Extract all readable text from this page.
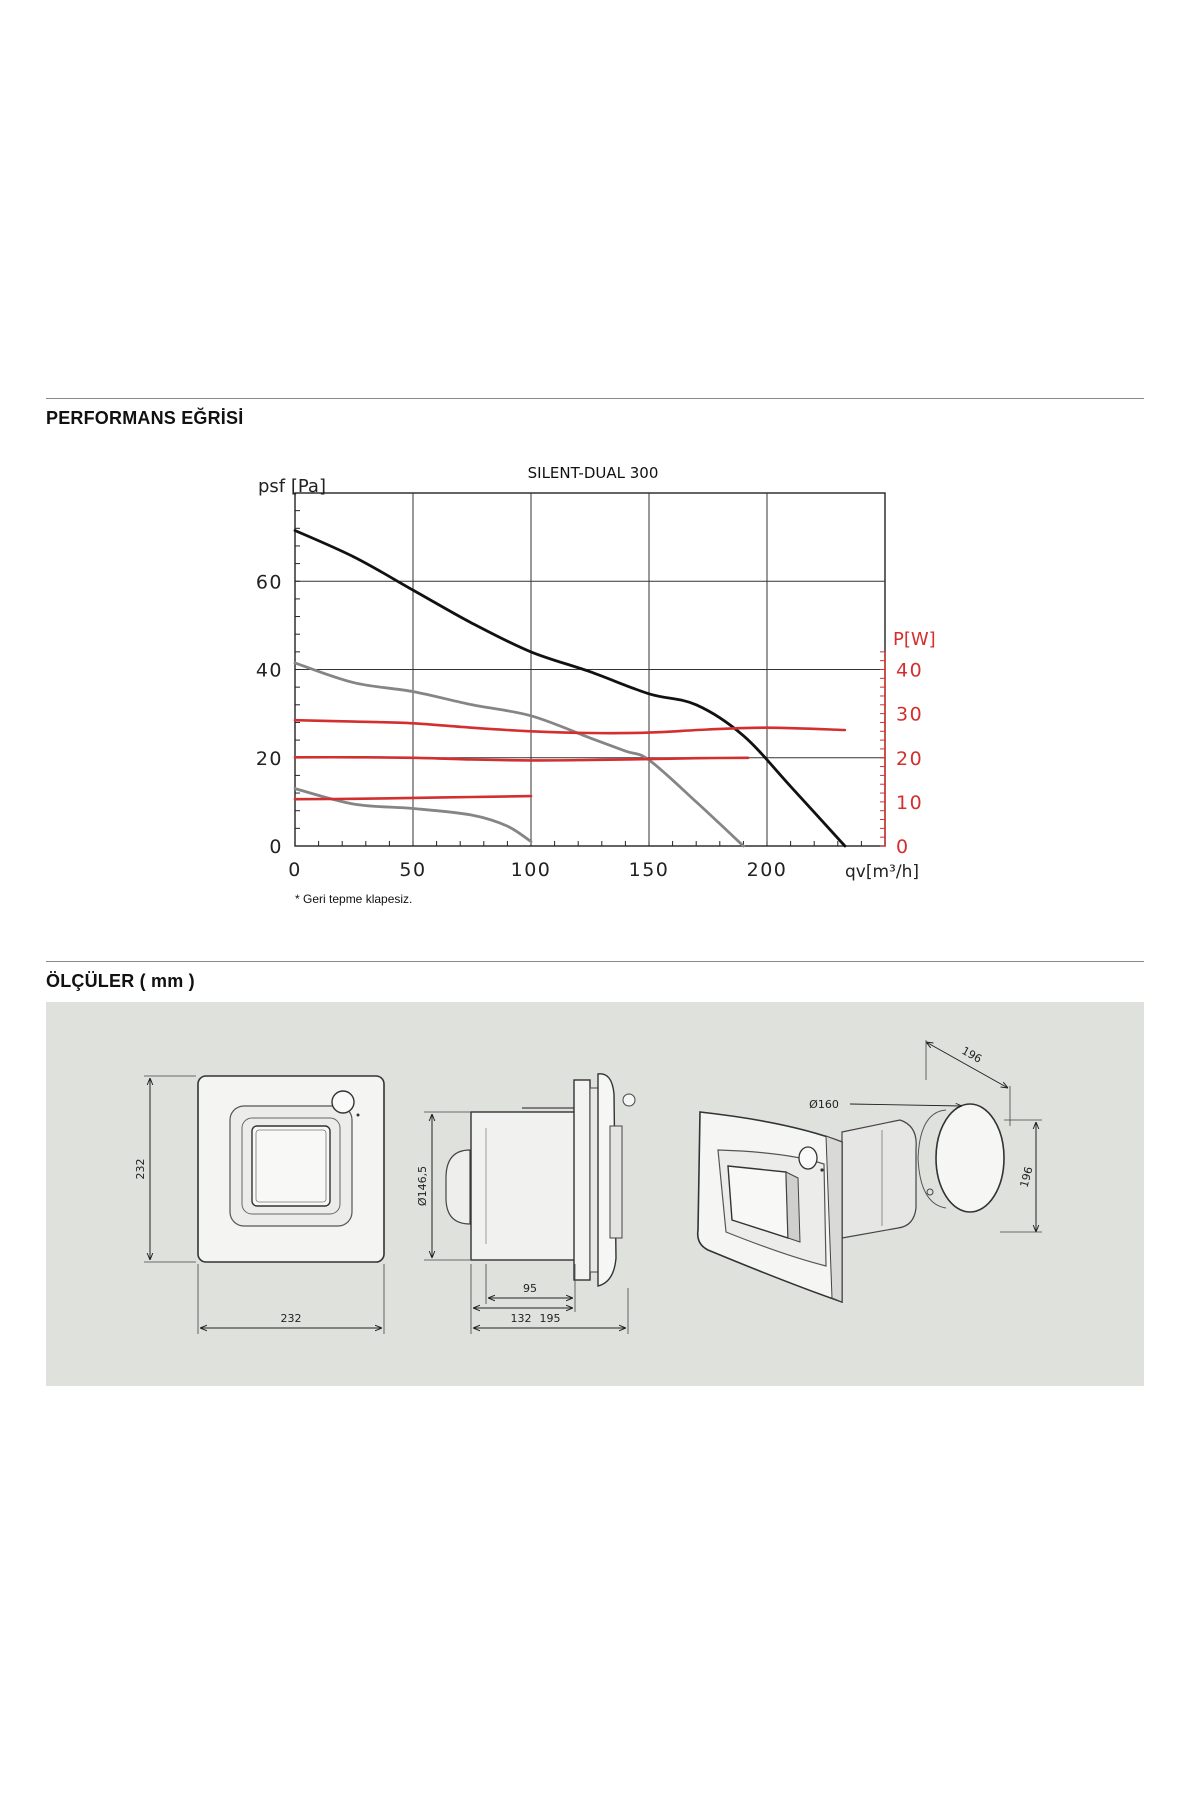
PERFORMANS EĞRİSİ
SILENT-DUAL 300
0	50	100	150	200
0
20
40
60
0
10
20
30
40
psf [Pa]
P[W]
qv[m³/h]
* Geri tepme klapesiz.
ÖLÇÜLER ( mm )
232
232
Ø146,5
95
132 195
Ø160
196
196
